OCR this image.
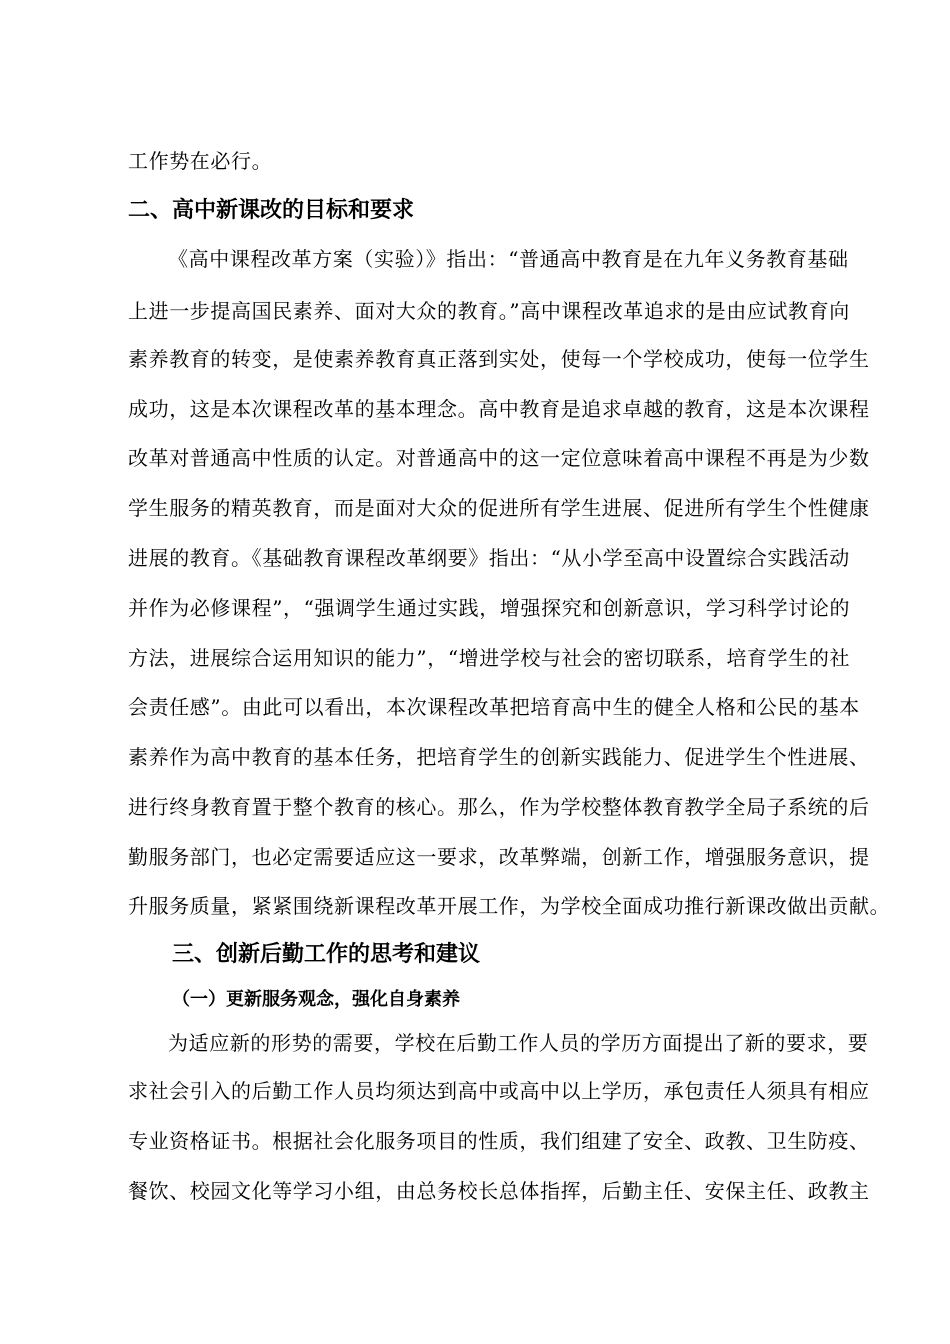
工作势在必行。
二、高中新课改的目标和要求
《高中课程改革方案（实验）》指出：“普通高中教育是在九年义务教育基础
上进一步提高国民素养、面对大众的教育。”高中课程改革追求的是由应试教育向
素养教育的转变，是使素养教育真正落到实处，使每一个学校成功，使每一位学生
成功，这是本次课程改革的基本理念。高中教育是追求卓越的教育，这是本次课程
改革对普通高中性质的认定。对普通高中的这一定位意味着高中课程不再是为少数
学生服务的精英教育，而是面对大众的促进所有学生进展、促进所有学生个性健康
进展的教育。《基础教育课程改革纲要》指出：“从小学至高中设置综合实践活动
并作为必修课程”，“强调学生通过实践，增强探究和创新意识，学习科学讨论的
方法，进展综合运用知识的能力”，“增进学校与社会的密切联系，培育学生的社
会责任感”。由此可以看出，本次课程改革把培育高中生的健全人格和公民的基本
素养作为高中教育的基本任务，把培育学生的创新实践能力、促进学生个性进展、
进行终身教育置于整个教育的核心。那么，作为学校整体教育教学全局子系统的后
勤服务部门，也必定需要适应这一要求，改革弊端，创新工作，增强服务意识，提
升服务质量，紧紧围绕新课程改革开展工作，为学校全面成功推行新课改做出贡献。
三、创新后勤工作的思考和建议
（一）更新服务观念，强化自身素养
为适应新的形势的需要，学校在后勤工作人员的学历方面提出了新的要求，要
求社会引入的后勤工作人员均须达到高中或高中以上学历，承包责任人须具有相应
专业资格证书。根据社会化服务项目的性质，我们组建了安全、政教、卫生防疫、
餐饮、校园文化等学习小组，由总务校长总体指挥，后勤主任、安保主任、政教主
